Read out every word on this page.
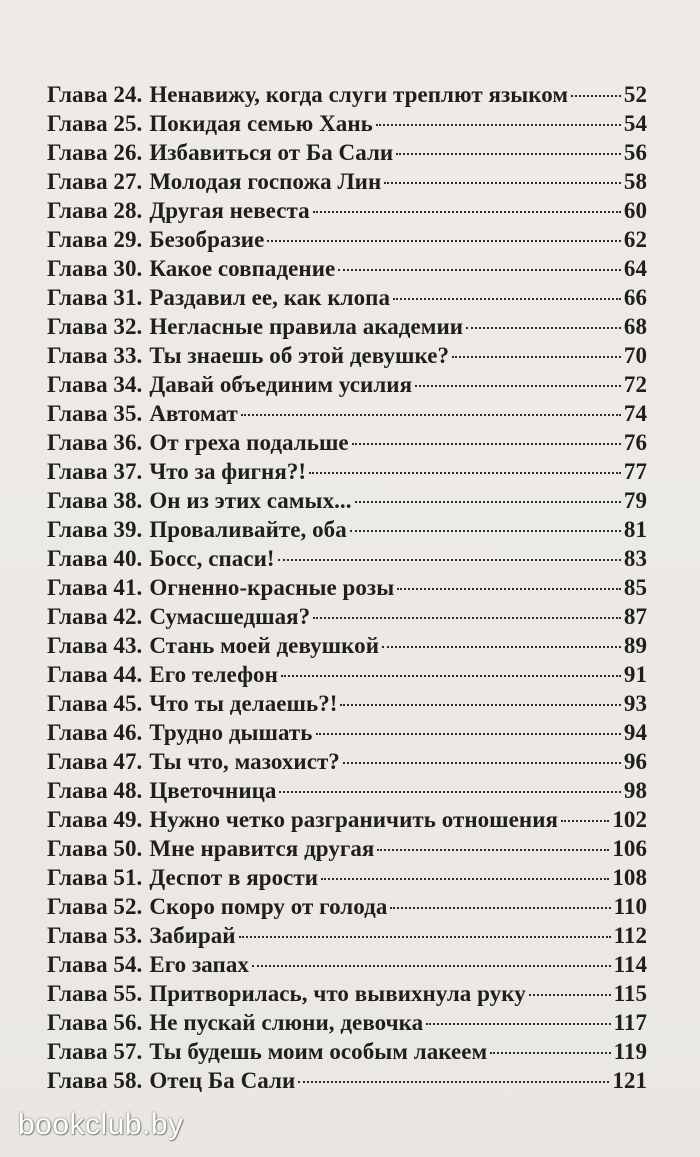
Глава 24. Ненавижу, когда слуги треплют языком 52
Глава 25. Покидая семью Хань	54
Глава 26. Избавиться от Ба Сали	56
Глава 27. Молодая госпожа Лин	58
Глава 28. Другая невеста	60
Глава 29. Безобразие	62
Глава 30. Какое совпадение	64
Глава 31. Раздавил ее, как клопа	66
Глава 32. Негласные правила академии	68
Глава 33. Ты знаешь об этой девушке?	70
Глава 34. Давай объединим усилия	72
Глава 35. Автомат	74
Глава 36. От греха подальше	76
Глава 37. Что за фигня?!	77
Глава 38. Он из этих самых...	79
Глава 39. Проваливайте, оба	81
Глава 40. Босс, спаси!	83
Глава 41. Огненно-красные розы	85
Глава 42. Сумасшедшая?	87
Глава 43. Стань моей девушкой	89
Глава 44. Его телефон	91
Глава 45. Что ты делаешь?!	93
Глава 46. Трудно дышать	94
Глава 47. Ты что, мазохист?	96
Глава 48. Цветочница	98
Глава 49. Нужно четко разграничить отношения 102
Глава 50. Мне нравится другая	106
Глава 51. Деспот в ярости	108
Глава 52. Скоро помру от голода	110
Глава 53. Забирай	112
Глава 54. Его запах	114
Глава 55. Притворилась, что вывихнула руку	115
Глава 56. Не пускай слюни, девочка	117
Глава 57. Ты будешь моим особым лакеем	119
Глава 58. Отец Ба Сали	121
bookclub.by
